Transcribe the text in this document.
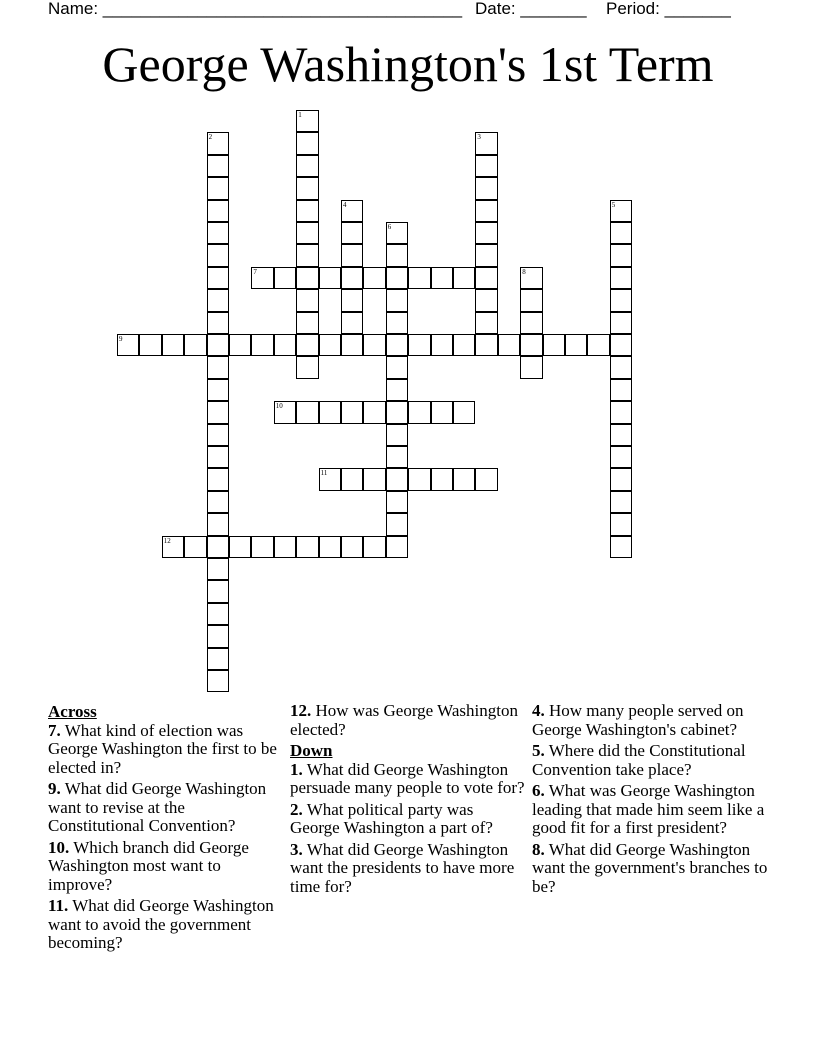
Name: ______________________________________ Date: _______ Period: _______
George Washington's 1st Term
1
2	3
4	5
6
7	8
9
10
11
12
Across
7. What kind of election was George Washington the first to be elected in?
9. What did George Washington want to revise at the Constitutional Convention?
10. Which branch did George Washington most want to improve?
11. What did George Washington want to avoid the government becoming?
12. How was George Washington elected?
Down
1. What did George Washington persuade many people to vote for?
2. What political party was George Washington a part of?
3. What did George Washington want the presidents to have more time for?
4. How many people served on George Washington's cabinet?
5. Where did the Constitutional Convention take place?
6. What was George Washington leading that made him seem like a good fit for a first president?
8. What did George Washington want the government's branches to be?
